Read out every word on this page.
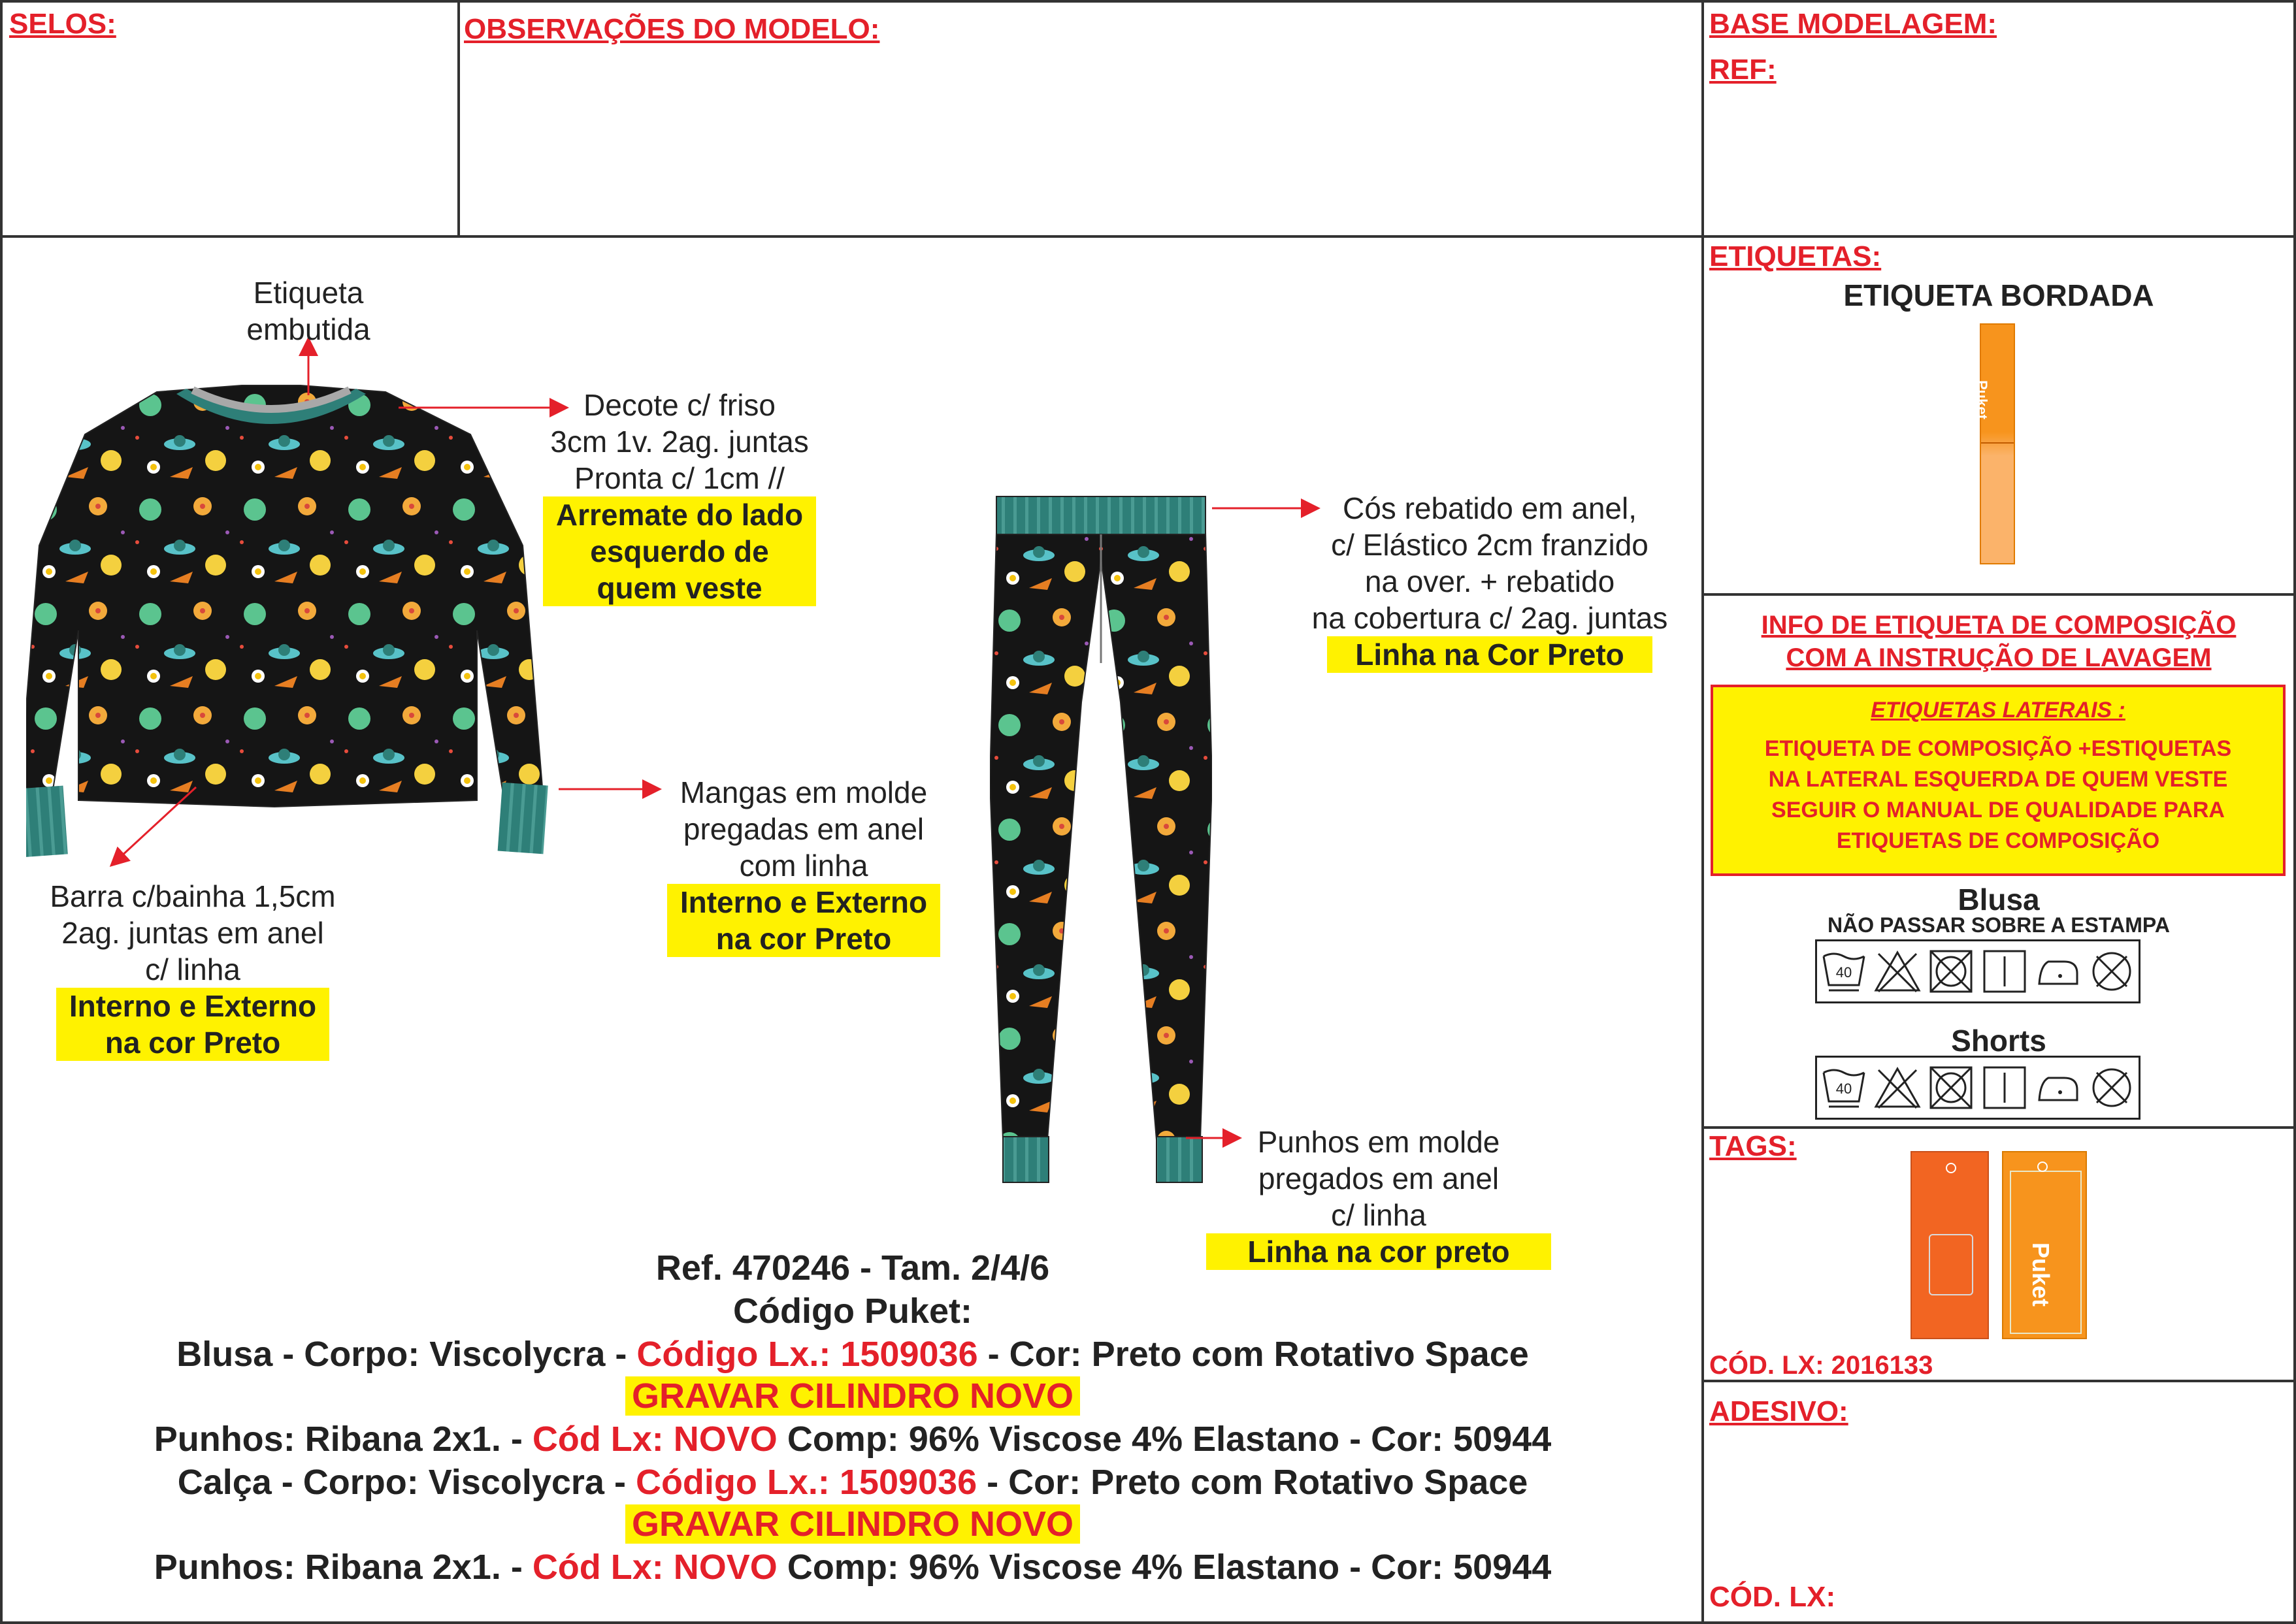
SELOS:	OBSERVAÇÕES DO MODELO:	BASE MODELAGEM:
REF:
Etiqueta
embutida
Decote c/ friso
3cm 1v. 2ag. juntas
Pronta c/ 1cm //
Arremate do lado
esquerdo de
quem veste
Mangas em molde
pregadas em anel
com linha
Interno e Externo
na cor Preto
Barra c/bainha 1,5cm
2ag. juntas em anel
c/ linha
Interno e Externo
na cor Preto
Cós rebatido em anel,
c/ Elástico 2cm franzido
na over. + rebatido
na cobertura c/ 2ag. juntas
Linha na Cor Preto
Punhos em molde
pregados em anel
c/ linha
Linha na cor preto
Ref. 470246 - Tam. 2/4/6
Código Puket:
Blusa - Corpo: Viscolycra - Código Lx.: 1509036 - Cor: Preto com Rotativo Space
GRAVAR CILINDRO NOVO
Punhos: Ribana 2x1. - Cód Lx: NOVO Comp: 96% Viscose 4% Elastano - Cor: 50944
Calça - Corpo: Viscolycra - Código Lx.: 1509036 - Cor: Preto com Rotativo Space
GRAVAR CILINDRO NOVO
Punhos: Ribana 2x1. - Cód Lx: NOVO Comp: 96% Viscose 4% Elastano - Cor: 50944
ETIQUETAS:
ETIQUETA BORDADA
Puket
INFO DE ETIQUETA DE COMPOSIÇÃO
COM A INSTRUÇÃO DE LAVAGEM
ETIQUETAS LATERAIS :
ETIQUETA DE COMPOSIÇÃO +ESTIQUETAS
NA LATERAL ESQUERDA DE QUEM VESTE
SEGUIR O MANUAL DE QUALIDADE PARA
ETIQUETAS DE COMPOSIÇÃO
Blusa
NÃO PASSAR SOBRE A ESTAMPA
40
Shorts
40
TAGS:
Puket
CÓD. LX: 2016133
ADESIVO:
CÓD. LX:
